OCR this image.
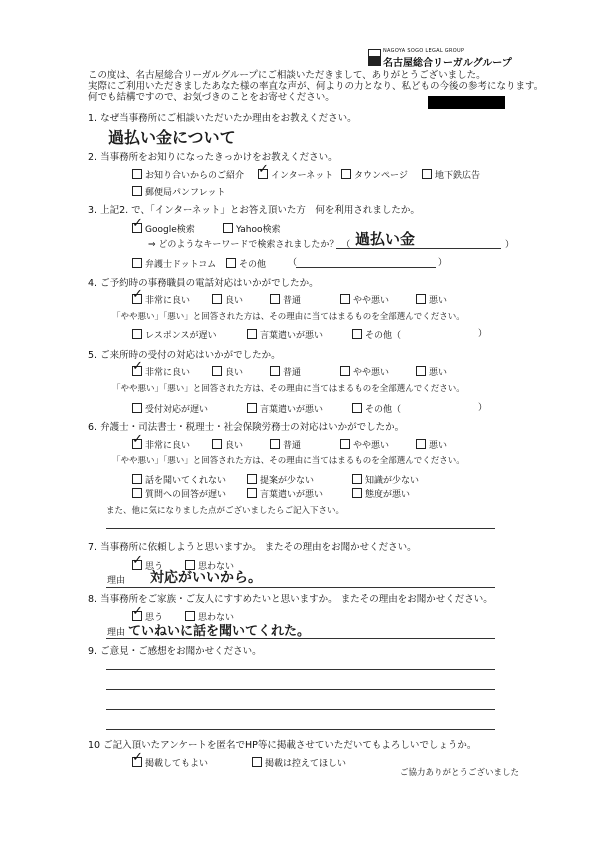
NAGOYA SOGO LEGAL GROUP
名古屋総合リーガルグループ
この度は、名古屋総合リーガルグループにご相談いただきまして、ありがとうございました。
実際にご利用いただきましたあなた様の率直な声が、何よりの力となり、私どもの今後の参考になります。
何でも結構ですので、お気づきのことをお寄せください。
1. なぜ当事務所にご相談いただいたか理由をお教えください。
過払い金について
2. 当事務所をお知りになったきっかけをお教えください。
お知り合いからのご紹介
✓	インターネット	タウンページ	地下鉄広告
郵便局パンフレット
3. 上記2. で、「インターネット」とお答え頂いた方　何を利用されましたか。
✓Google検索	Yahoo検索
⇒ どのようなキーワードで検索されましたか？ （ 過払い金	）
弁護士ドットコム	その他 （	）
4. ご予約時の事務職員の電話対応はいかがでしたか。
✓非常に良い	良い	普通	やや悪い	悪い
「やや悪い」「悪い」と回答された方は、その理由に当てはまるものを全部選んでください。
レスポンスが遅い	言葉遣いが悪い	その他（	）
5. ご来所時の受付の対応はいかがでしたか。
✓非常に良い	良い	普通	やや悪い	悪い
「やや悪い」「悪い」と回答された方は、その理由に当てはまるものを全部選んでください。
受付対応が遅い	言葉遣いが悪い	その他（	）
6. 弁護士・司法書士・税理士・社会保険労務士の対応はいかがでしたか。
✓非常に良い	良い	普通	やや悪い	悪い
「やや悪い」「悪い」と回答された方は、その理由に当てはまるものを全部選んでください。
話を聞いてくれない	提案が少ない	知識が少ない
質問への回答が遅い	言葉遣いが悪い	態度が悪い
また、他に気になりました点がございましたらご記入下さい。
7. 当事務所に依頼しようと思いますか。 またその理由をお聞かせください。
✓思う	思わない
理由 対応がいいから。
8. 当事務所をご家族・ご友人にすすめたいと思いますか。 またその理由をお聞かせください。
✓思う	思わない
理由 ていねいに話を聞いてくれた。
9. ご意見・ご感想をお聞かせください。
10 ご記入頂いたアンケートを匿名でHP等に掲載させていただいてもよろしいでしょうか。
✓掲載してもよい	掲載は控えてほしい
ご協力ありがとうございました
